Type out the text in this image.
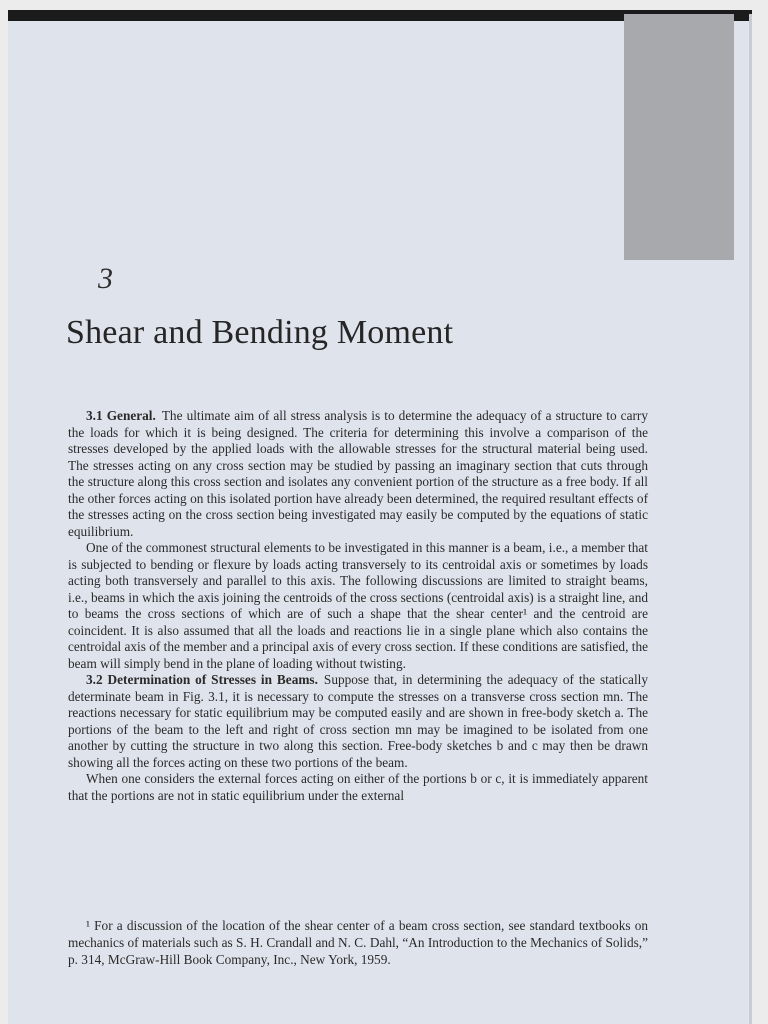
3
Shear and Bending Moment

3.1 General. The ultimate aim of all stress analysis is to determine the adequacy of a structure to carry the loads for which it is being designed. The criteria for determining this involve a comparison of the stresses developed by the applied loads with the allowable stresses for the structural material being used. The stresses acting on any cross section may be studied by passing an imaginary section that cuts through the structure along this cross section and isolates any convenient portion of the structure as a free body. If all the other forces acting on this isolated portion have already been determined, the required resultant effects of the stresses acting on the cross section being investigated may easily be computed by the equations of static equilibrium.

One of the commonest structural elements to be investigated in this manner is a beam, i.e., a member that is subjected to bending or flexure by loads acting transversely to its centroidal axis or sometimes by loads acting both transversely and parallel to this axis. The following discussions are limited to straight beams, i.e., beams in which the axis joining the centroids of the cross sections (centroidal axis) is a straight line, and to beams the cross sections of which are of such a shape that the shear center¹ and the centroid are coincident. It is also assumed that all the loads and reactions lie in a single plane which also contains the centroidal axis of the member and a principal axis of every cross section. If these conditions are satisfied, the beam will simply bend in the plane of loading without twisting.

3.2 Determination of Stresses in Beams. Suppose that, in determining the adequacy of the statically determinate beam in Fig. 3.1, it is necessary to compute the stresses on a transverse cross section mn. The reactions necessary for static equilibrium may be computed easily and are shown in free-body sketch a. The portions of the beam to the left and right of cross section mn may be imagined to be isolated from one another by cutting the structure in two along this section. Free-body sketches b and c may then be drawn showing all the forces acting on these two portions of the beam.

When one considers the external forces acting on either of the portions b or c, it is immediately apparent that the portions are not in static equilibrium under the external

¹ For a discussion of the location of the shear center of a beam cross section, see standard textbooks on mechanics of materials such as S. H. Crandall and N. C. Dahl, “An Introduction to the Mechanics of Solids,” p. 314, McGraw-Hill Book Company, Inc., New York, 1959.
